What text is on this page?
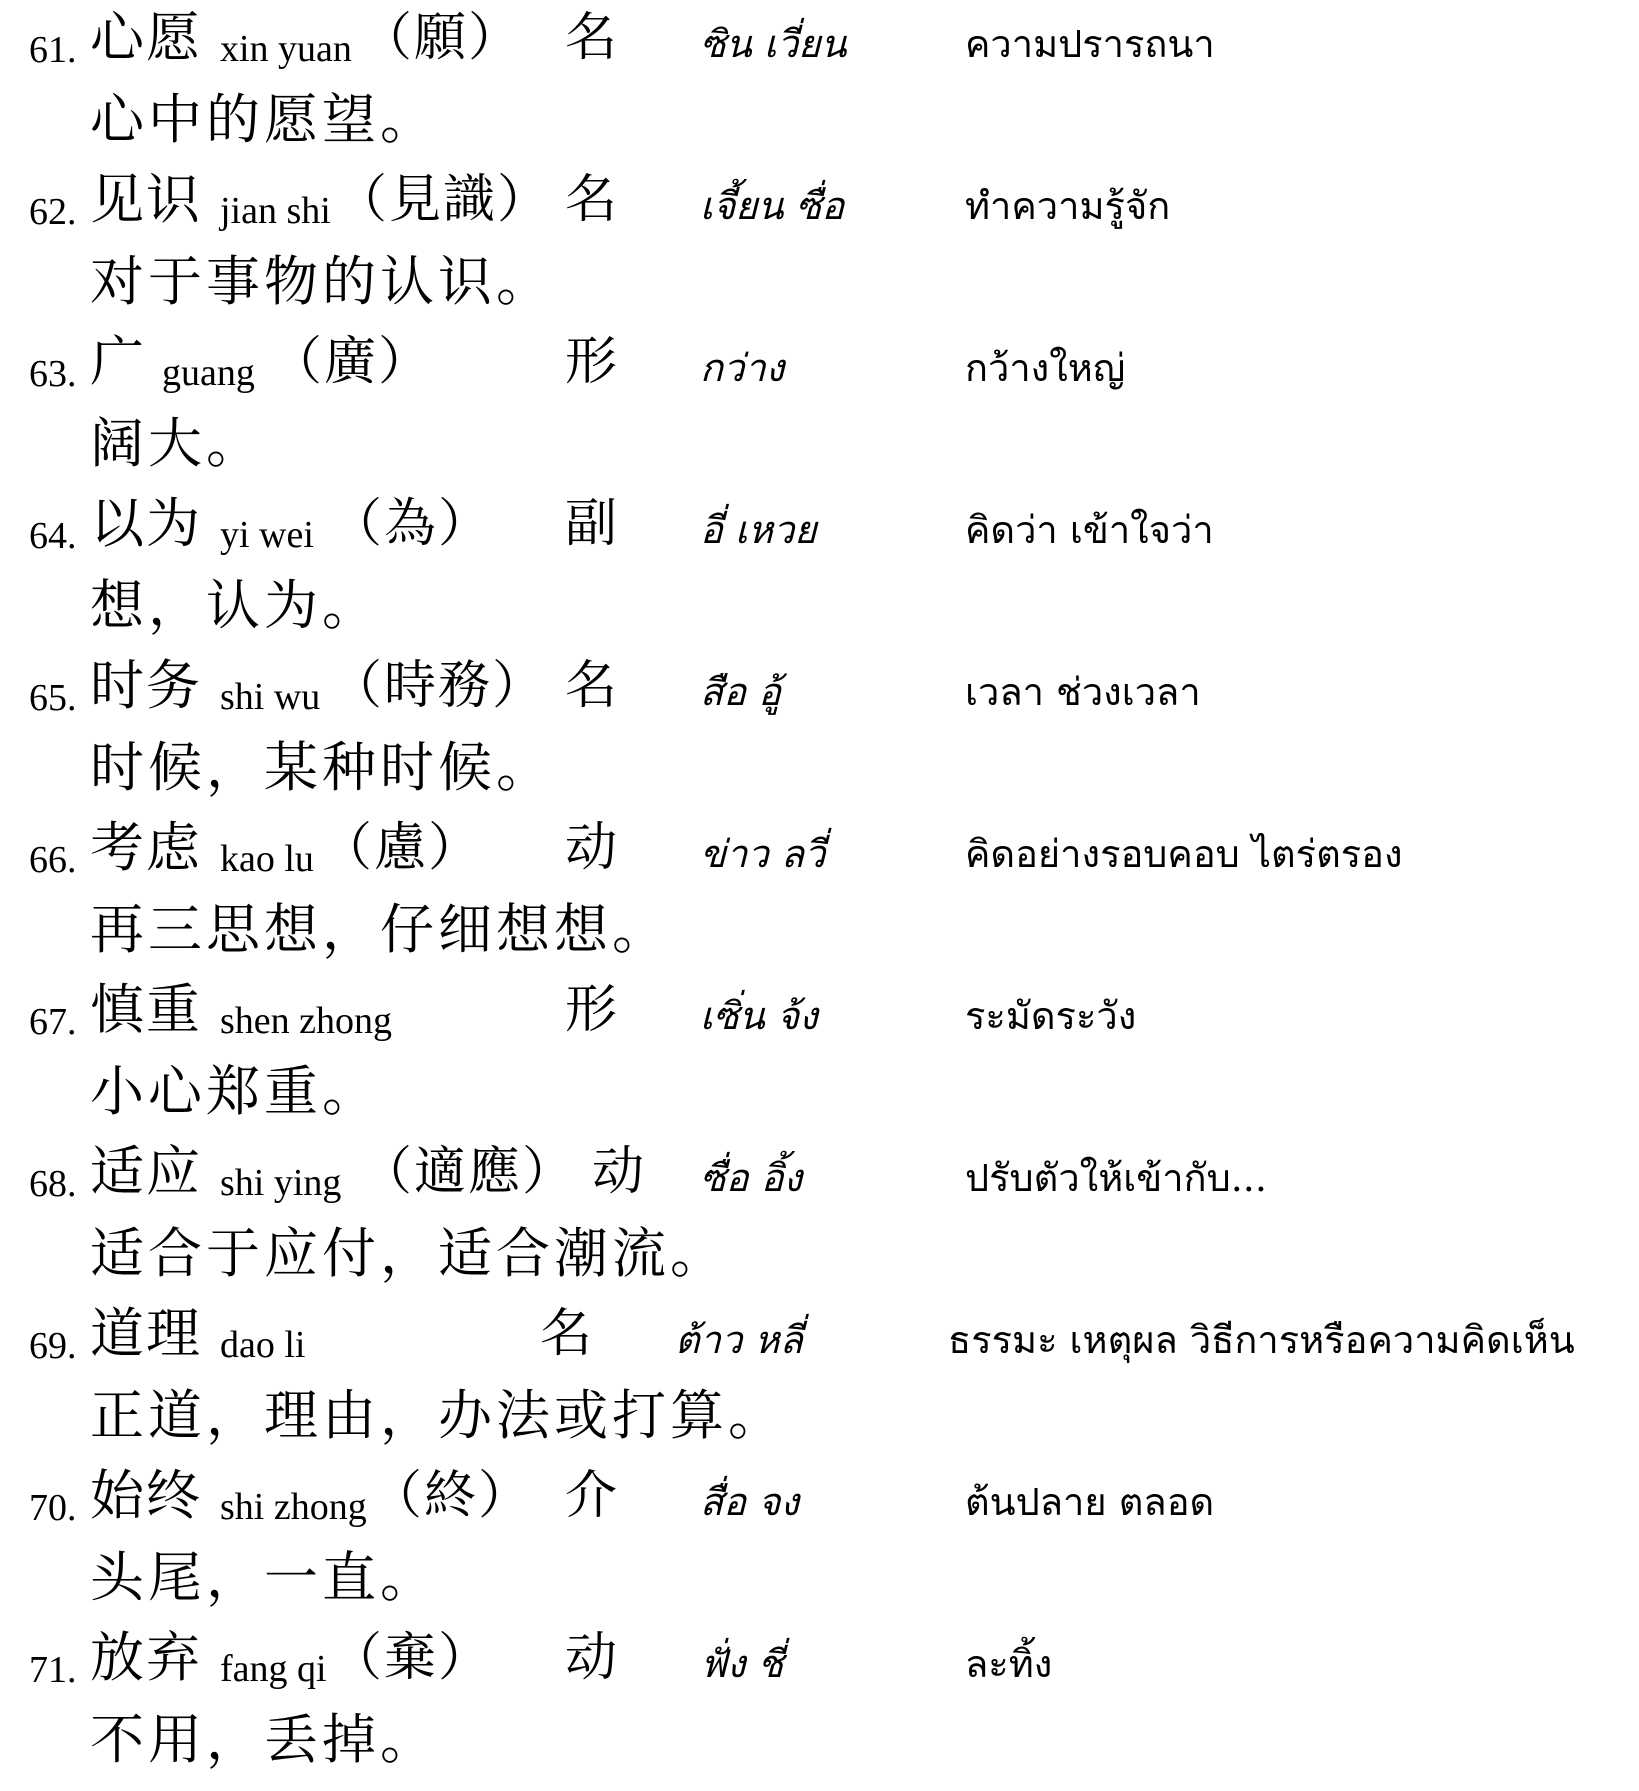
61. 心愿 xin yuan （願） 名 ซิน เวี่ยน	ความปรารถนา
心中的愿望。
62. 见识 jian shi （見識） 名 เจี้ยน ซื่อ	ทำความรู้จัก
对于事物的认识。
63. 广 guang （廣）	形 กว่าง	กว้างใหญ่
阔大。
64. 以为 yi wei （為） 副 อี่ เหวย	คิดว่า เข้าใจว่า
想，认为。
65. 时务 shi wu （時務） 名 สือ อู้	เวลา ช่วงเวลา
时候，某种时候。
66. 考虑 kao lu （慮） 动 ข่าว ลวี่	คิดอย่างรอบคอบ ไตร่ตรอง
再三思想，仔细想想。
67. 慎重 shen zhong	形 เซิ่น จ้ง	ระมัดระวัง
小心郑重。
68. 适应 shi ying （適應） 动 ซื่อ อิ้ง	ปรับตัวให้เข้ากับ...
适合于应付，适合潮流。
69. 道理 dao li	名 ต้าว หลี่	ธรรมะ เหตุผล วิธีการหรือความคิดเห็น
正道，理由，办法或打算。
70. 始终 shi zhong （終） 介 สื่อ จง	ต้นปลาย ตลอด
头尾，一直。
71. 放弃 fang qi （棄） 动 ฟั่ง ชี่	ละทิ้ง
不用，丢掉。
